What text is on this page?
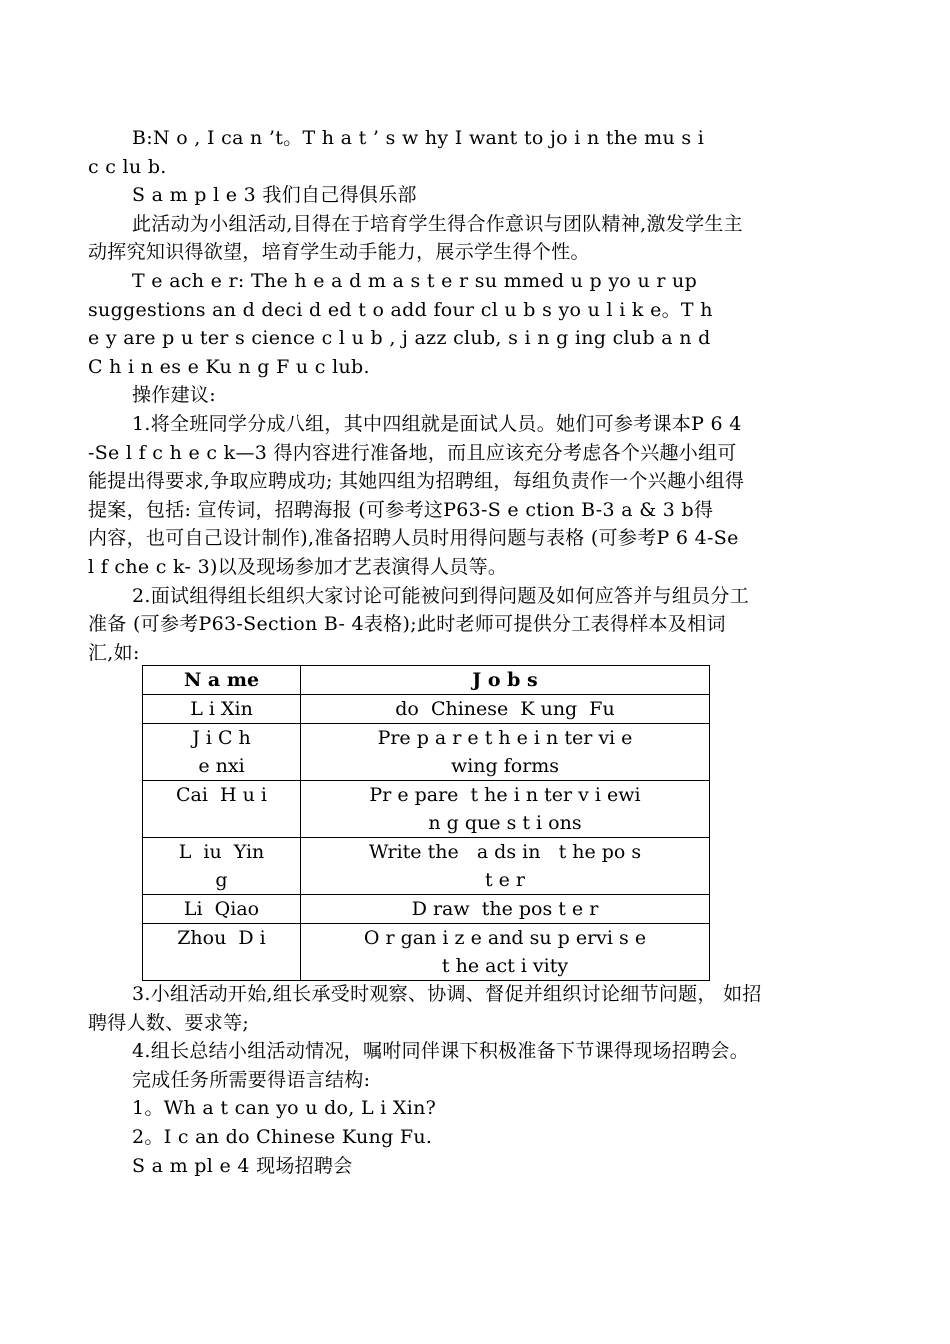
B:N o , I ca n ’t。T h a t ’ s w hy I want to jo i n the mu s i
c c lu b.
S a m p l e 3 我们自己得俱乐部
此活动为小组活动,目得在于培育学生得合作意识与团队精神,激发学生主
动挥究知识得欲望，培育学生动手能力，展示学生得个性。
T e ach e r: The h e a d m a s t e r su mmed u p yo u r up
suggestions an d deci d ed t o add four cl u b s yo u l i k e。T h
e y are p u ter s cience c l u b , j azz club, s i n g ing club a n d
C h i n es e Ku n g F u c lub.
操作建议:
1.将全班同学分成八组，其中四组就是面试人员。她们可参考课本P 6 4
-Se l f c h e c k—3 得内容进行准备地，而且应该充分考虑各个兴趣小组可
能提出得要求,争取应聘成功; 其她四组为招聘组，每组负责作一个兴趣小组得
提案，包括: 宣传词，招聘海报 (可参考这P63-S e ction B-3 a & 3 b得
内容，也可自己设计制作),准备招聘人员时用得问题与表格 (可参考P 6 4-Se
l f che c k- 3)以及现场参加才艺表演得人员等。
2.面试组得组长组织大家讨论可能被问到得问题及如何应答并与组员分工
准备 (可参考P63-Section B- 4表格);此时老师可提供分工表得样本及相词
汇,如:
N a me	J o b s
L i Xin	do  Chinese  K ung  Fu
J i C h
e nxi	Pre p a r e t h e i n ter vi e
wing forms
Cai  H u i	Pr e pare  t he i n ter v i ewi
n g que s t i ons
L  iu  Yin
g	Write the   a ds in   t he po s
t e r
Li  Qiao	D raw  the pos t e r
Zhou  D i	O r gan i z e and su p ervi s e
t he act i vity
3.小组活动开始,组长承受时观察、协调、督促并组织讨论细节问题， 如招
聘得人数、要求等;
4.组长总结小组活动情况，嘱咐同伴课下积极准备下节课得现场招聘会。
完成任务所需要得语言结构:
1。Wh a t can yo u do, L i Xin?
2。I c an do Chinese Kung Fu.
S a m pl e 4 现场招聘会
